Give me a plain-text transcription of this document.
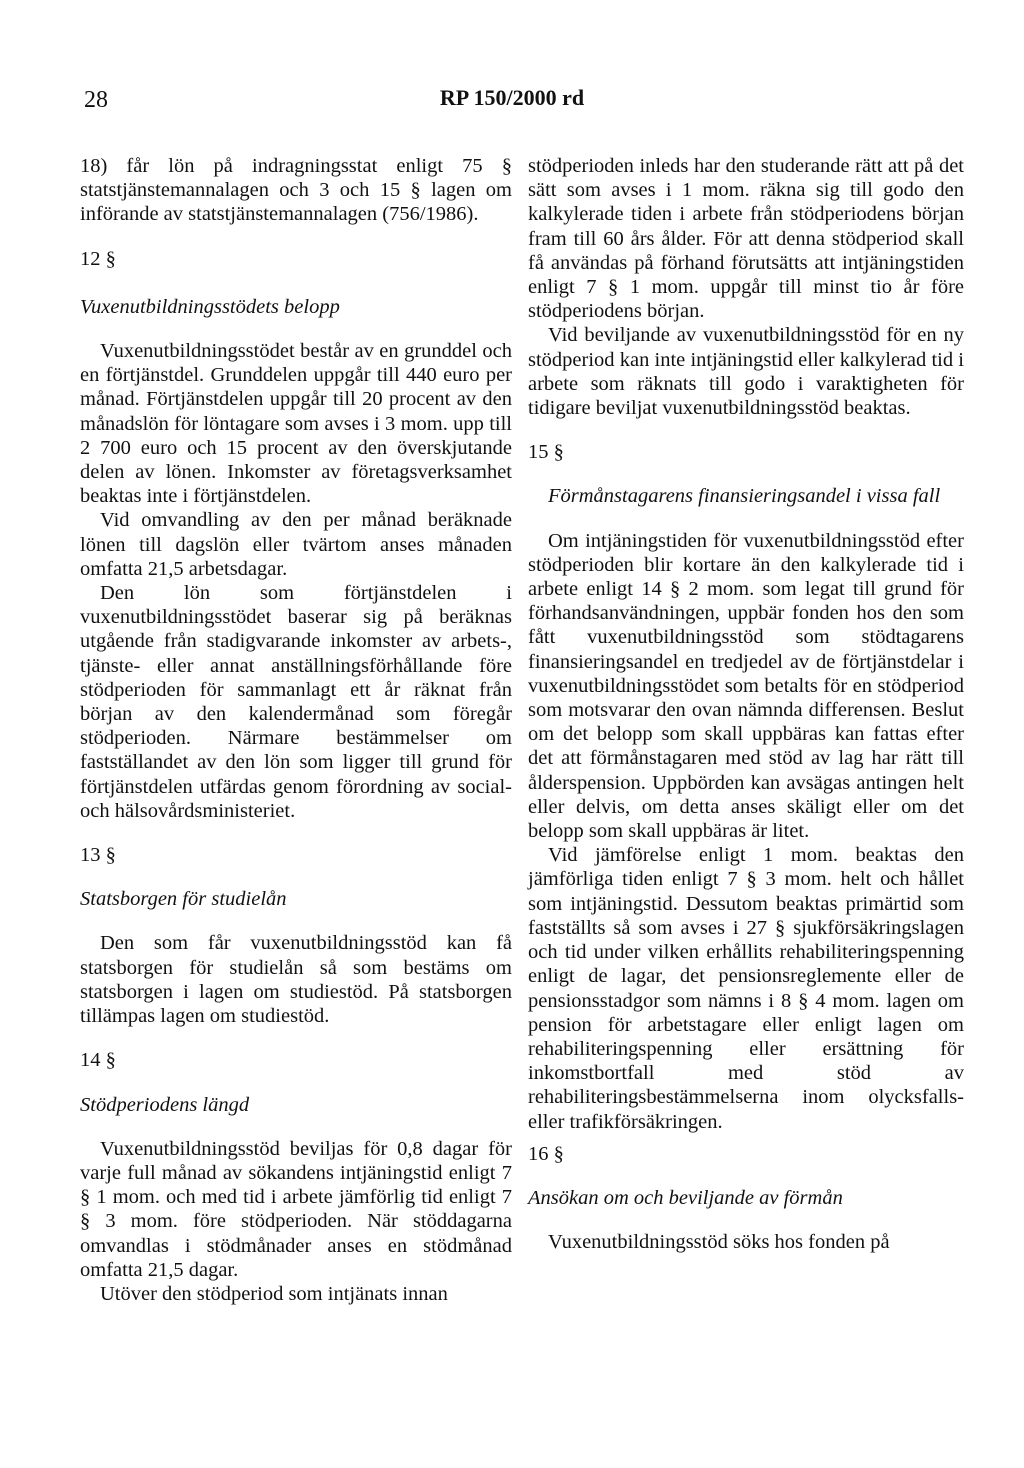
28	RP 150/2000 rd

18) får lön på indragningsstat enligt 75 § statstjänstemannalagen och 3 och 15 § lagen om införande av statstjänstemannalagen (756/1986).

12 §

Vuxenutbildningsstödets belopp

Vuxenutbildningsstödet består av en grunddel och en förtjänstdel. Grunddelen uppgår till 440 euro per månad. Förtjänstdelen uppgår till 20 procent av den månadslön för löntagare som avses i 3 mom. upp till 2 700 euro och 15 procent av den överskjutande delen av lönen. Inkomster av företagsverksamhet beaktas inte i förtjänstdelen.

Vid omvandling av den per månad beräknade lönen till dagslön eller tvärtom anses månaden omfatta 21,5 arbetsdagar.

Den lön som förtjänstdelen i vuxenutbildningsstödet baserar sig på beräknas utgående från stadigvarande inkomster av arbets-, tjänste- eller annat anställningsförhållande före stödperioden för sammanlagt ett år räknat från början av den kalendermånad som föregår stödperioden. Närmare bestämmelser om fastställandet av den lön som ligger till grund för förtjänstdelen utfärdas genom förordning av social- och hälsovårdsministeriet.

13 §

Statsborgen för studielån

Den som får vuxenutbildningsstöd kan få statsborgen för studielån så som bestäms om statsborgen i lagen om studiestöd. På statsborgen tillämpas lagen om studiestöd.

14 §

Stödperiodens längd

Vuxenutbildningsstöd beviljas för 0,8 dagar för varje full månad av sökandens intjäningstid enligt 7 § 1 mom. och med tid i arbete jämförlig tid enligt 7 § 3 mom. före stödperioden. När stöddagarna omvandlas i stödmånader anses en stödmånad omfatta 21,5 dagar.

Utöver den stödperiod som intjänats innan

stödperioden inleds har den studerande rätt att på det sätt som avses i 1 mom. räkna sig till godo den kalkylerade tiden i arbete från stödperiodens början fram till 60 års ålder. För att denna stödperiod skall få användas på förhand förutsätts att intjäningstiden enligt 7 § 1 mom. uppgår till minst tio år före stödperiodens början.

Vid beviljande av vuxenutbildningsstöd för en ny stödperiod kan inte intjäningstid eller kalkylerad tid i arbete som räknats till godo i varaktigheten för tidigare beviljat vuxenutbildningsstöd beaktas.

15 §

Förmånstagarens finansieringsandel i vissa fall

Om intjäningstiden för vuxenutbildningsstöd efter stödperioden blir kortare än den kalkylerade tid i arbete enligt 14 § 2 mom. som legat till grund för förhandsanvändningen, uppbär fonden hos den som fått vuxenutbildningsstöd som stödtagarens finansieringsandel en tredjedel av de förtjänstdelar i vuxenutbildningsstödet som betalts för en stödperiod som motsvarar den ovan nämnda differensen. Beslut om det belopp som skall uppbäras kan fattas efter det att förmånstagaren med stöd av lag har rätt till ålderspension. Uppbörden kan avsägas antingen helt eller delvis, om detta anses skäligt eller om det belopp som skall uppbäras är litet.

Vid jämförelse enligt 1 mom. beaktas den jämförliga tiden enligt 7 § 3 mom. helt och hållet som intjäningstid. Dessutom beaktas primärtid som fastställts så som avses i 27 § sjukförsäkringslagen och tid under vilken erhållits rehabiliteringspenning enligt de lagar, det pensionsreglemente eller de pensionsstadgor som nämns i 8 § 4 mom. lagen om pension för arbetstagare eller enligt lagen om rehabiliteringspenning eller ersättning för inkomstbortfall med stöd av rehabiliteringsbestämmelserna inom olycksfalls- eller trafikförsäkringen.

16 §

Ansökan om och beviljande av förmån

Vuxenutbildningsstöd söks hos fonden på
